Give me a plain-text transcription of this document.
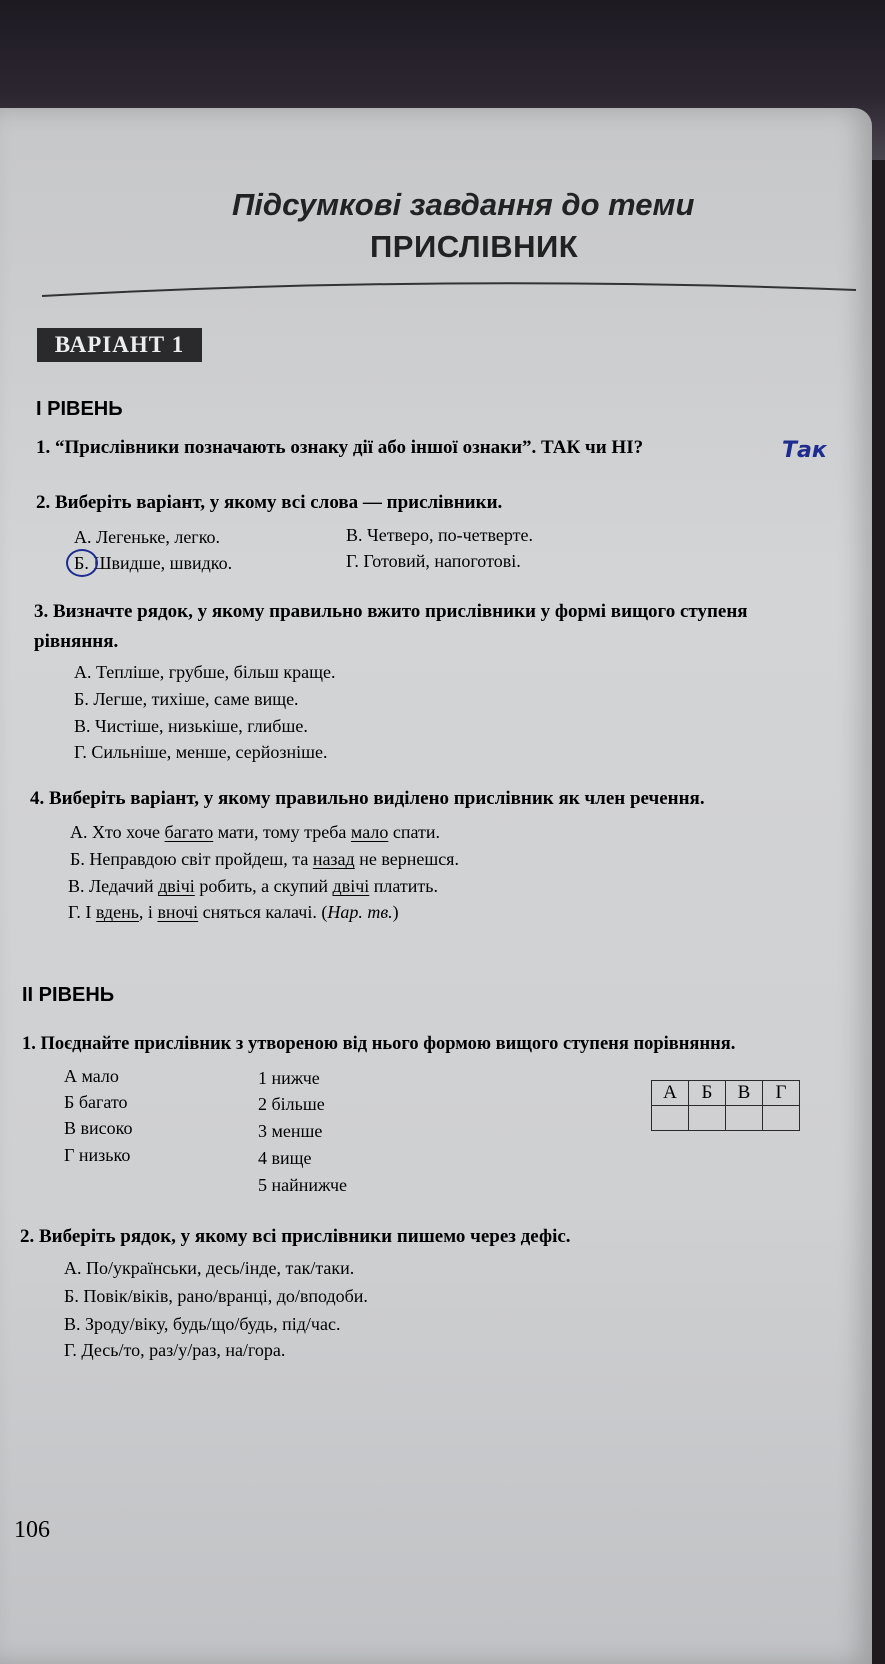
Підсумкові завдання до теми
ПРИСЛІВНИК
ВАРІАНТ 1
І РІВЕНЬ
1. “Прислівники позначають ознаку дії або іншої ознаки”. ТАК чи НІ?	Так
2. Виберіть варіант, у якому всі слова — прислівники.
А. Легеньке, легко.
Б. Швидше, швидко.
В. Четверо, по-четверте.
Г. Готовий, напоготові.
3. Визначте рядок, у якому правильно вжито прислівники у формі вищого ступеня
рівняння.
А. Тепліше, грубше, більш краще.
Б. Легше, тихіше, саме вище.
В. Чистіше, низькіше, глибше.
Г. Сильніше, менше, серйозніше.
4. Виберіть варіант, у якому правильно виділено прислівник як член речення.
А. Хто хоче багато мати, тому треба мало спати.
Б. Неправдою світ пройдеш, та назад не вернешся.
В. Ледачий двічі робить, а скупий двічі платить.
Г. І вдень, і вночі сняться калачі. (Нар. тв.)
ІІ РІВЕНЬ
1. Поєднайте прислівник з утвореною від нього формою вищого ступеня порівняння.
А мало
Б багато
В високо
Г низько
1 нижче
2 більше
3 менше
4 вище
5 найнижче
А	Б	В	Г

2. Виберіть рядок, у якому всі прислівники пишемо через дефіс.
А. По/українськи, десь/інде, так/таки.
Б. Повік/віків, рано/вранці, до/вподоби.
В. Зроду/віку, будь/що/будь, під/час.
Г. Десь/то, раз/у/раз, на/гора.
106
